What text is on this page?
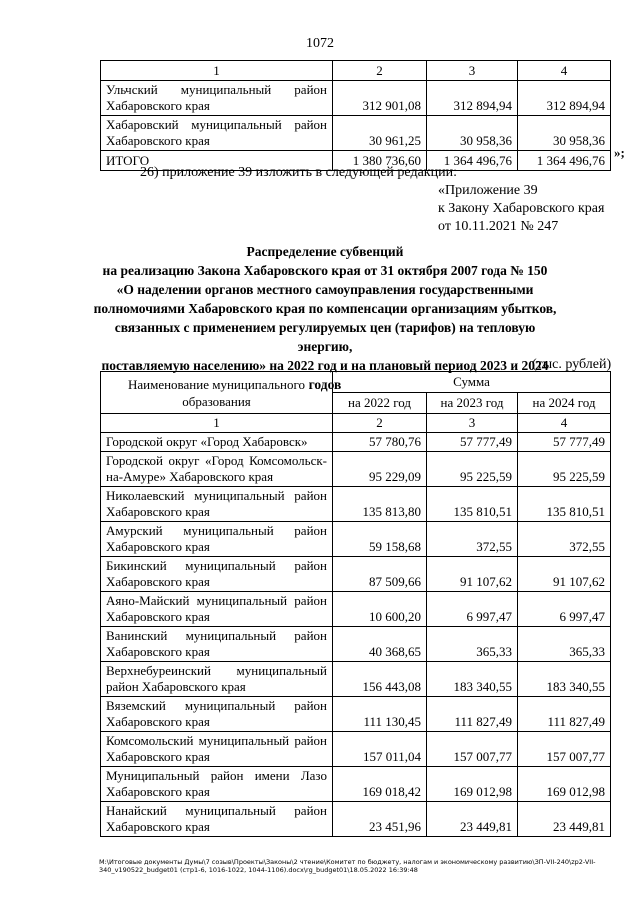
1072
1	2	3	4
Ульчский муниципальный район Хабаровского края	312 901,08	312 894,94	312 894,94
Хабаровский муниципальный район Хабаровского края	30 961,25	30 958,36	30 958,36
ИТОГО	1 380 736,60	1 364 496,76	1 364 496,76
»;
26) приложение 39 изложить в следующей редакции:
«Приложение 39
к Закону Хабаровского края
от 10.11.2021 № 247
Распределение субвенций
на реализацию Закона Хабаровского края от 31 октября 2007 года № 150
«О наделении органов местного самоуправления государственными
полномочиями Хабаровского края по компенсации организациям убытков,
связанных с применением регулируемых цен (тарифов) на тепловую энергию,
поставляемую населению» на 2022 год и на плановый период 2023 и 2024 годов
(тыс. рублей)
Наименование муниципального образования	Сумма		
	на 2022 год	на 2023 год	на 2024 год
1	2	3	4
Городской округ «Город Хабаровск»	57 780,76	57 777,49	57 777,49
Городской округ «Город Комсомольск-на-Амуре» Хабаровского края	95 229,09	95 225,59	95 225,59
Николаевский муниципальный район Хабаровского края	135 813,80	135 810,51	135 810,51
Амурский муниципальный район Хабаровского края	59 158,68	372,55	372,55
Бикинский муниципальный район Хабаровского края	87 509,66	91 107,62	91 107,62
Аяно-Майский муниципальный район Хабаровского края	10 600,20	6 997,47	6 997,47
Ванинский муниципальный район Хабаровского края	40 368,65	365,33	365,33
Верхнебуреинский муниципальный район Хабаровского края	156 443,08	183 340,55	183 340,55
Вяземский муниципальный район Хабаровского края	111 130,45	111 827,49	111 827,49
Комсомольский муниципальный район Хабаровского края	157 011,04	157 007,77	157 007,77
Муниципальный район имени Лазо Хабаровского края	169 018,42	169 012,98	169 012,98
Нанайский муниципальный район Хабаровского края	23 451,96	23 449,81	23 449,81
M:\Итоговые документы Думы\7 созыв\Проекты\Законы\2 чтение\Комитет по бюджету, налогам и экономическому развитию\ЗП-VII-240\zp2-VII-340_v190522_budget01 (стр1-6, 1016-1022, 1044-1106).docx\rg_budget01\18.05.2022 16:39:48
